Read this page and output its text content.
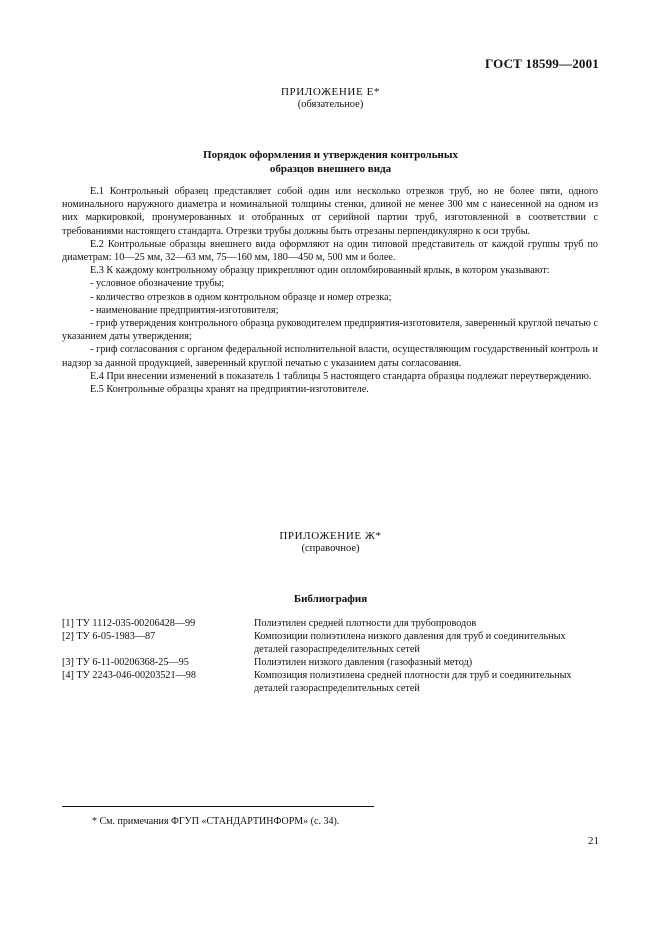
ГОСТ 18599—2001
ПРИЛОЖЕНИЕ Е*
(обязательное)
Порядок оформления и утверждения контрольных
образцов внешнего вида

Е.1 Контрольный образец представляет собой один или несколько отрезков труб, но не более пяти, одного номинального наружного диаметра и номинальной толщины стенки, длиной не менее 300 мм с нанесенной на одном из них маркировкой, пронумерованных и отобранных от серийной партии труб, изготовленной в соответствии с требованиями настоящего стандарта. Отрезки трубы должны быть отрезаны перпендикулярно к оси трубы.

Е.2 Контрольные образцы внешнего вида оформляют на один типовой представитель от каждой группы труб по диаметрам: 10—25 мм, 32—63 мм, 75—160 мм, 180—450 м, 500 мм и более.

Е.3 К каждому контрольному образцу прикрепляют один опломбированный ярлык, в котором указывают:

- условное обозначение трубы;

- количество отрезков в одном контрольном образце и номер отрезка;

- наименование предприятия-изготовителя;

- гриф утверждения контрольного образца руководителем предприятия-изготовителя, заверенный круглой печатью с указанием даты утверждения;

- гриф согласования с органом федеральной исполнительной власти, осуществляющим государственный контроль и надзор за данной продукцией, заверенный круглой печатью с указанием даты согласования.

Е.4 При внесении изменений в показатель 1 таблицы 5 настоящего стандарта образцы подлежат переутверждению.

Е.5 Контрольные образцы хранят на предприятии-изготовителе.

ПРИЛОЖЕНИЕ Ж*
(справочное)
Библиография
[1] ТУ 1112-035-00206428—99	Полиэтилен средней плотности для трубопроводов
[2] ТУ 6-05-1983—87	Композиции полиэтилена низкого давления для труб и соединительных деталей газораспределительных сетей
[3] ТУ 6-11-00206368-25—95	Полиэтилен низкого давления (газофазный метод)
[4] ТУ 2243-046-00203521—98	Композиция полиэтилена средней плотности для труб и соединительных деталей газораспределительных сетей
* См. примечания ФГУП «СТАНДАРТИНФОРМ» (с. 34).
21
